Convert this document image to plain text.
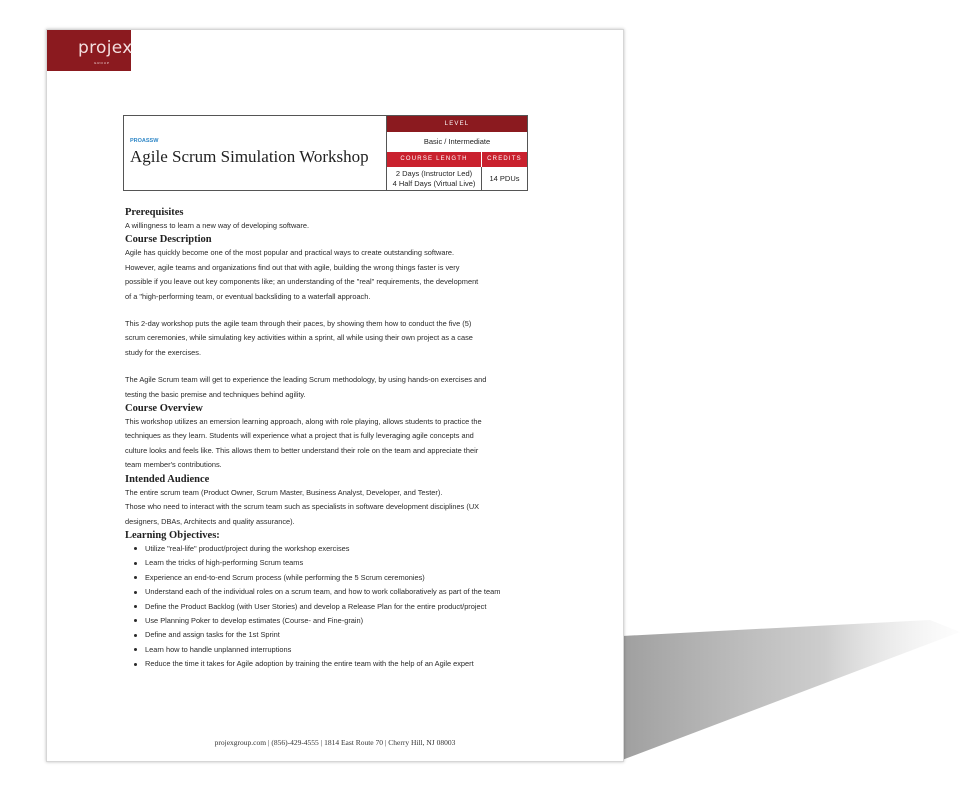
projex
GROUP
PROASSW
Agile Scrum Simulation Workshop
LEVEL
Basic / Intermediate
COURSE LENGTH	CREDITS
2 Days (Instructor Led)
4 Half Days (Virtual Live)	14 PDUs
Prerequisites

A willingness to learn a new way of developing software.

Course Description

Agile has quickly become one of the most popular and practical ways to create outstanding software.

However, agile teams and organizations find out that with agile, building the wrong things faster is very

possible if you leave out key components like; an understanding of the "real" requirements, the development

of a "high-performing team, or eventual backsliding to a waterfall approach.

This 2-day workshop puts the agile team through their paces, by showing them how to conduct the five (5)

scrum ceremonies, while simulating key activities within a sprint, all while using their own project as a case

study for the exercises.

The Agile Scrum team will get to experience the leading Scrum methodology, by using hands-on exercises and

testing the basic premise and techniques behind agility.

Course Overview

This workshop utilizes an emersion learning approach, along with role playing, allows students to practice the

techniques as they learn. Students will experience what a project that is fully leveraging agile concepts and

culture looks and feels like. This allows them to better understand their role on the team and appreciate their

team member's contributions.

Intended Audience

The entire scrum team (Product Owner, Scrum Master, Business Analyst, Developer, and Tester).

Those who need to interact with the scrum team such as specialists in software development disciplines (UX

designers, DBAs, Architects and quality assurance).

Learning Objectives:
Utilize "real-life" product/project during the workshop exercises
Learn the tricks of high-performing Scrum teams
Experience an end-to-end Scrum process (while performing the 5 Scrum ceremonies)
Understand each of the individual roles on a scrum team, and how to work collaboratively as part of the team
Define the Product Backlog (with User Stories) and develop a Release Plan for the entire product/project
Use Planning Poker to develop estimates (Course- and Fine-grain)
Define and assign tasks for the 1st Sprint
Learn how to handle unplanned interruptions
Reduce the time it takes for Agile adoption by training the entire team with the help of an Agile expert
projexgroup.com | (856)-429-4555 | 1814 East Route 70 | Cherry Hill, NJ 08003
